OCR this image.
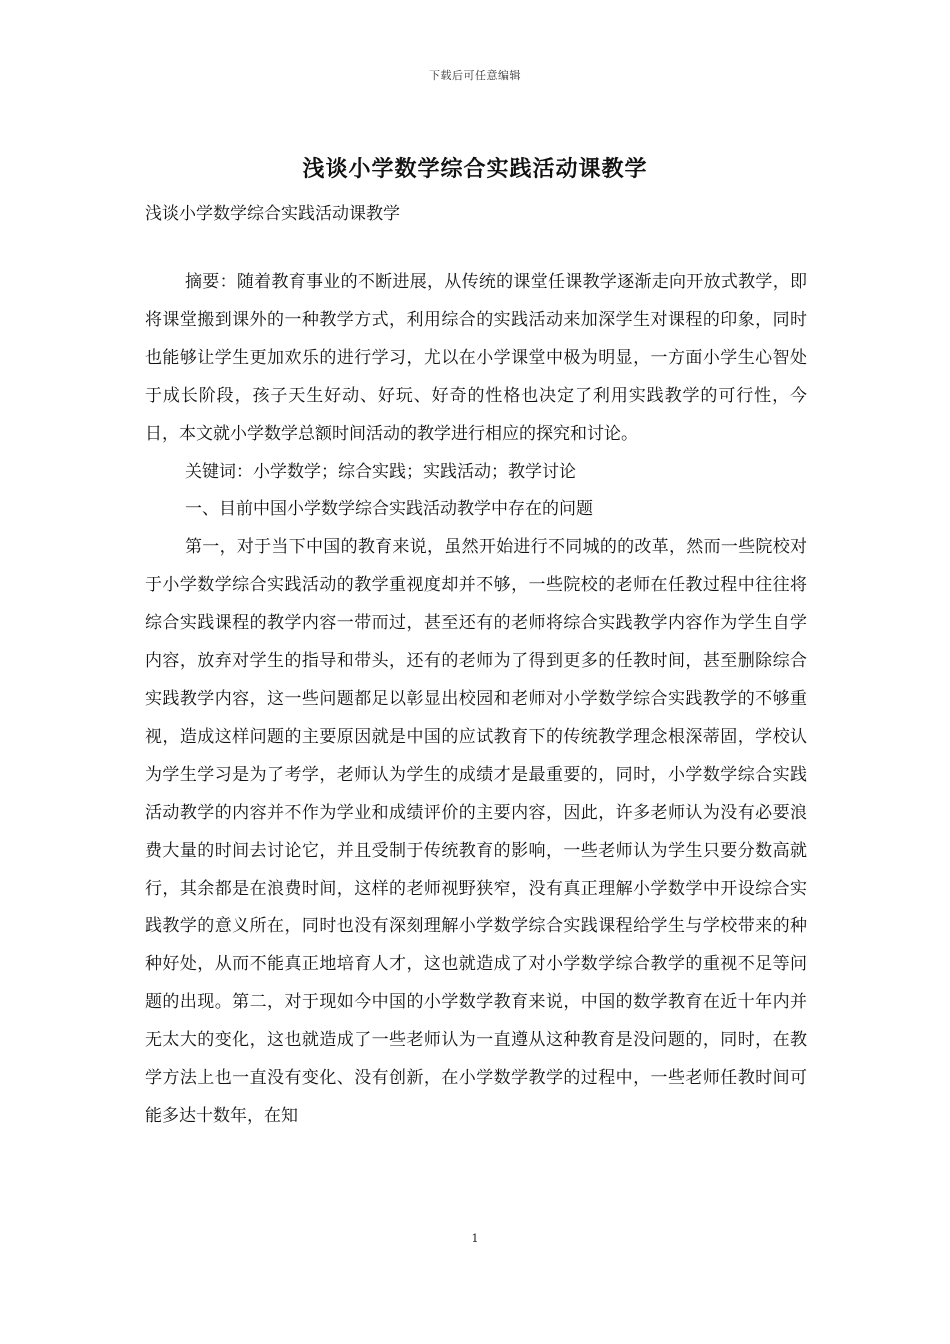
下载后可任意编辑
浅谈小学数学综合实践活动课教学
浅谈小学数学综合实践活动课教学

摘要：随着教育事业的不断进展，从传统的课堂任课教学逐渐走向开放式教学，即将课堂搬到课外的一种教学方式，利用综合的实践活动来加深学生对课程的印象，同时也能够让学生更加欢乐的进行学习，尤以在小学课堂中极为明显，一方面小学生心智处于成长阶段，孩子天生好动、好玩、好奇的性格也决定了利用实践教学的可行性，今日，本文就小学数学总额时间活动的教学进行相应的探究和讨论。

关键词：小学数学；综合实践；实践活动；教学讨论

一、目前中国小学数学综合实践活动教学中存在的问题

第一，对于当下中国的教育来说，虽然开始进行不同城的的改革，然而一些院校对于小学数学综合实践活动的教学重视度却并不够，一些院校的老师在任教过程中往往将综合实践课程的教学内容一带而过，甚至还有的老师将综合实践教学内容作为学生自学内容，放弃对学生的指导和带头，还有的老师为了得到更多的任教时间，甚至删除综合实践教学内容，这一些问题都足以彰显出校园和老师对小学数学综合实践教学的不够重视，造成这样问题的主要原因就是中国的应试教育下的传统教学理念根深蒂固，学校认为学生学习是为了考学，老师认为学生的成绩才是最重要的，同时，小学数学综合实践活动教学的内容并不作为学业和成绩评价的主要内容，因此，许多老师认为没有必要浪费大量的时间去讨论它，并且受制于传统教育的影响，一些老师认为学生只要分数高就行，其余都是在浪费时间，这样的老师视野狭窄，没有真正理解小学数学中开设综合实践教学的意义所在，同时也没有深刻理解小学数学综合实践课程给学生与学校带来的种种好处，从而不能真正地培育人才，这也就造成了对小学数学综合教学的重视不足等问题的出现。第二，对于现如今中国的小学数学教育来说，中国的数学教育在近十年内并无太大的变化，这也就造成了一些老师认为一直遵从这种教育是没问题的，同时，在教学方法上也一直没有变化、没有创新，在小学数学教学的过程中，一些老师任教时间可能多达十数年，在知

1
